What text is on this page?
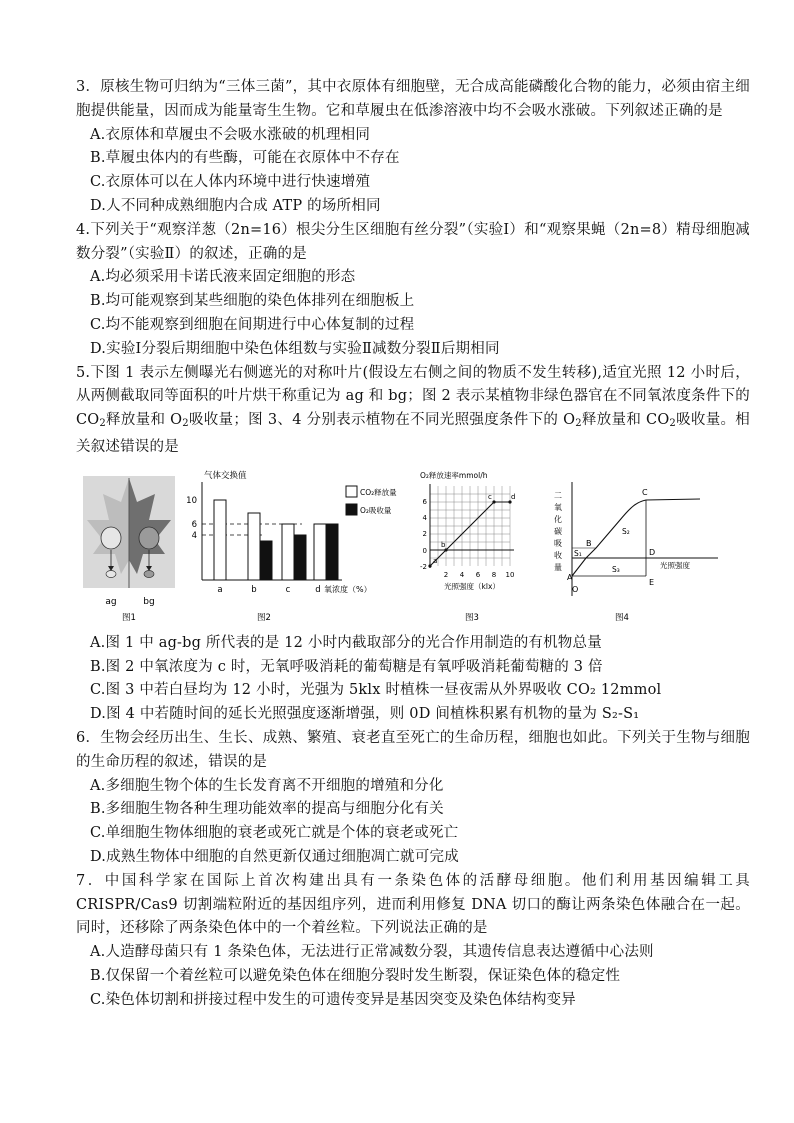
3．原核生物可归纳为“三体三菌”，其中衣原体有细胞壁，无合成高能磷酸化合物的能力，必须由宿主细胞提供能量，因而成为能量寄生生物。它和草履虫在低渗溶液中均不会吸水涨破。下列叙述正确的是

A.衣原体和草履虫不会吸水涨破的机理相同

B.草履虫体内的有些酶，可能在衣原体中不存在

C.衣原体可以在人体内环境中进行快速增殖

D.人不同种成熟细胞内合成 ATP 的场所相同

4.下列关于“观察洋葱（2n=16）根尖分生区细胞有丝分裂”（实验Ⅰ）和“观察果蝇（2n=8）精母细胞减数分裂”（实验Ⅱ）的叙述，正确的是

A.均必须采用卡诺氏液来固定细胞的形态

B.均可能观察到某些细胞的染色体排列在细胞板上

C.均不能观察到细胞在间期进行中心体复制的过程

D.实验Ⅰ分裂后期细胞中染色体组数与实验Ⅱ减数分裂Ⅱ后期相同

5.下图 1 表示左侧曝光右侧遮光的对称叶片(假设左右侧之间的物质不发生转移),适宜光照 12 小时后，从两侧截取同等面积的叶片烘干称重记为 ag 和 bg；图 2 表示某植物非绿色器官在不同氧浓度条件下的 $CO_2$释放量和 $O_2$吸收量；图 3、4 分别表示植物在不同光照强度条件下的 $O_2$释放量和 $CO_2$吸收量。相关叙述错误的是

ag	bg
图1
气体交换值
10
6
4
a	b	c	d 氧浓度（%）
CO₂释放量
O₂吸收量
图2
O₂释放速率mmol/h
6
4
2
0
-2
2 4 6 8 10
a
b
c	d
光照强度（klx）
图3
二
氧
化
碳
吸
收
量
A
B
C
D
E
S₁
S₂
S₃
O
光照强度
图4

A.图 1 中 ag-bg 所代表的是 12 小时内截取部分的光合作用制造的有机物总量

B.图 2 中氧浓度为 c 时，无氧呼吸消耗的葡萄糖是有氧呼吸消耗葡萄糖的 3 倍

C.图 3 中若白昼均为 12 小时，光强为 5klx 时植株一昼夜需从外界吸收 CO₂ 12mmol

D.图 4 中若随时间的延长光照强度逐渐增强，则 0D 间植株积累有机物的量为 S₂-S₁

6．生物会经历出生、生长、成熟、繁殖、衰老直至死亡的生命历程，细胞也如此。下列关于生物与细胞的生命历程的叙述，错误的是

A.多细胞生物个体的生长发育离不开细胞的增殖和分化

B.多细胞生物各种生理功能效率的提高与细胞分化有关

C.单细胞生物体细胞的衰老或死亡就是个体的衰老或死亡

D.成熟生物体中细胞的自然更新仅通过细胞凋亡就可完成

7．中国科学家在国际上首次构建出具有一条染色体的活酵母细胞。他们利用基因编辑工具 CRISPR/Cas9 切割端粒附近的基因组序列，进而利用修复 DNA 切口的酶让两条染色体融合在一起。同时，还移除了两条染色体中的一个着丝粒。下列说法正确的是

A.人造酵母菌只有 1 条染色体，无法进行正常减数分裂，其遗传信息表达遵循中心法则

B.仅保留一个着丝粒可以避免染色体在细胞分裂时发生断裂，保证染色体的稳定性

C.染色体切割和拼接过程中发生的可遗传变异是基因突变及染色体结构变异
